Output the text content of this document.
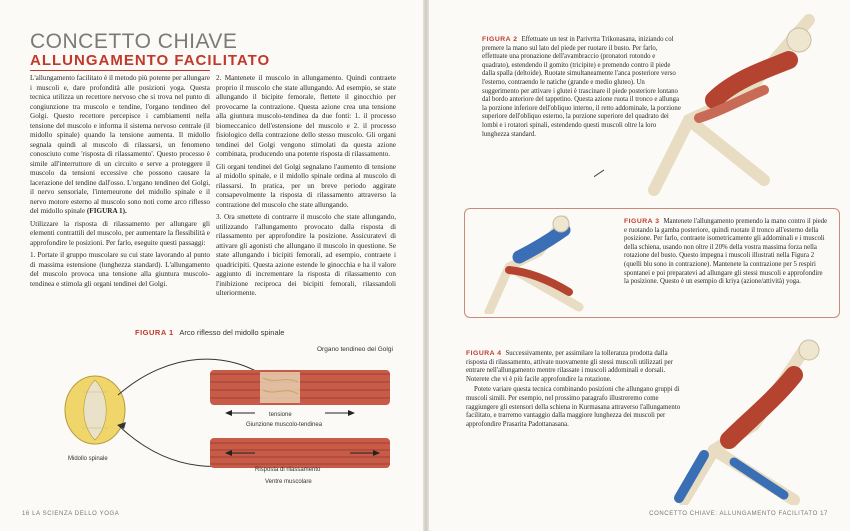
CONCETTO CHIAVE
ALLUNGAMENTO FACILITATO

L'allungamento facilitato è il metodo più potente per allungare i muscoli e, dare profondità alle posizioni yoga. Questa tecnica utilizza un recettore nervoso che si trova nel punto di congiunzione tra muscolo e tendine, l'organo tendineo del Golgi. Questo recettore percepisce i cambiamenti nella tensione del muscolo e informa il sistema nervoso centrale (il midollo spinale) quando la tensione aumenta. Il midollo segnala quindi al muscolo di rilassarsi, un fenomeno conosciuto come 'risposta di rilassamento'. Questo processo è simile all'interruttore di un circuito e serve a proteggere il muscolo da tensioni eccessive che possono causare la lacerazione del tendine dall'osso. L'organo tendineo del Golgi, il nervo sensoriale, l'interneurone del midollo spinale e il nervo motore esterno al muscolo sono noti come arco riflesso del midollo spinale (FIGURA 1).

Utilizzare la risposta di rilassamento per allungare gli elementi contrattili del muscolo, per aumentare la flessibilità e approfondire le posizioni. Per farlo, eseguite questi passaggi:

1. Portate il gruppo muscolare su cui state lavorando al punto di massima estensione (lunghezza standard). L'allungamento del muscolo provoca una tensione alla giuntura muscolo-tendinea e stimola gli organi tendinei del Golgi.

2. Mantenete il muscolo in allungamento. Quindi contraete proprio il muscolo che state allungando. Ad esempio, se state allungando il bicipite femorale, flettete il ginocchio per provocarne la contrazione. Questa azione crea una tensione alla giuntura muscolo-tendinea da due fonti: 1. il processo biomeccanico dell'estensione del muscolo e 2. il processo fisiologico della contrazione dello stesso muscolo. Gli organi tendinei del Golgi vengono stimolati da questa azione combinata, producendo una potente risposta di rilassamento.

Gli organi tendinei del Golgi segnalano l'aumento di tensione al midollo spinale, e il midollo spinale ordina al muscolo di rilassarsi. In pratica, per un breve periodo aggirate consapevolmente la risposta di rilassamento attraverso la contrazione del muscolo che state allungando.

3. Ora smettete di contrarre il muscolo che state allungando, utilizzando l'allungamento provocato dalla risposta di rilassamento per approfondire la posizione. Assicuratevi di attivare gli agonisti che allungano il muscolo in questione. Se state allungando i bicipiti femorali, ad esempio, contraete i quadricipiti. Questa azione estende le ginocchia e ha il valore aggiunto di incrementare la risposta di rilassamento con l'inibizione reciproca dei bicipiti femorali, rilassandoli ulteriormente.

FIGURA 1 Arco riflesso del midollo spinale
Organo tendineo del Golgi
tensione
Giunzione muscolo-tendinea
Midollo spinale
Risposta di rilassamento
Ventre muscolare
16 LA SCIENZA DELLO YOGA
FIGURA 2 Effettuate un test in Parivrtta Trikonasana, iniziando col premere la mano sul lato del piede per ruotare il busto. Per farlo, effettuate una pronazione dell'avambraccio (pronatori rotondo e quadrato), estendendo il gomito (tricipite) e premendo contro il piede dalla spalla (deltoide). Ruotate simultaneamente l'anca posteriore verso l'esterno, contraendo le natiche (grande e medio gluteo). Un suggerimento per attivare i glutei è trascinare il piede posteriore lontano dal bordo anteriore del tappetino. Questa azione ruota il tronco e allunga la porzione inferiore dell'obliquo interno, il retto addominale, la porzione superiore dell'obliquo esterno, la porzione superiore del quadrato dei lombi e i rotatori spinali, estendendo questi muscoli oltre la loro lunghezza standard.
FIGURA 3 Mantenete l'allungamento premendo la mano contro il piede e ruotando la gamba posteriore, quindi ruotate il tronco all'esterno della posizione. Per farlo, contraete isometricamente gli addominali e i muscoli della schiena, usando non oltre il 20% della vostra massima forza nella rotazione del busto. Questo impegna i muscoli illustrati nella Figura 2 (quelli blu sono in contrazione). Mantenete la contrazione per 5 respiri spontanei e poi preparatevi ad allungare gli stessi muscoli e approfondire la posizione. Questo è un esempio di kriya (azione/attività) yoga.
FIGURA 4 Successivamente, per assimilare la tolleranza prodotta dalla risposta di rilassamento, attivate nuovamente gli stessi muscoli utilizzati per entrare nell'allungamento mentre rilassate i muscoli addominali e dorsali. Noterete che vi è più facile approfondire la rotazione.

Potete variare questa tecnica combinando posizioni che allungano gruppi di muscoli simili. Per esempio, nel prossimo paragrafo illustreremo come raggiungere gli estensori della schiena in Kurmasana attraverso l'allungamento facilitato, e trarremo vantaggio dalla maggiore lunghezza dei muscoli per approfondire Prasarita Padottanasana.

CONCETTO CHIAVE: ALLUNGAMENTO FACILITATO 17
